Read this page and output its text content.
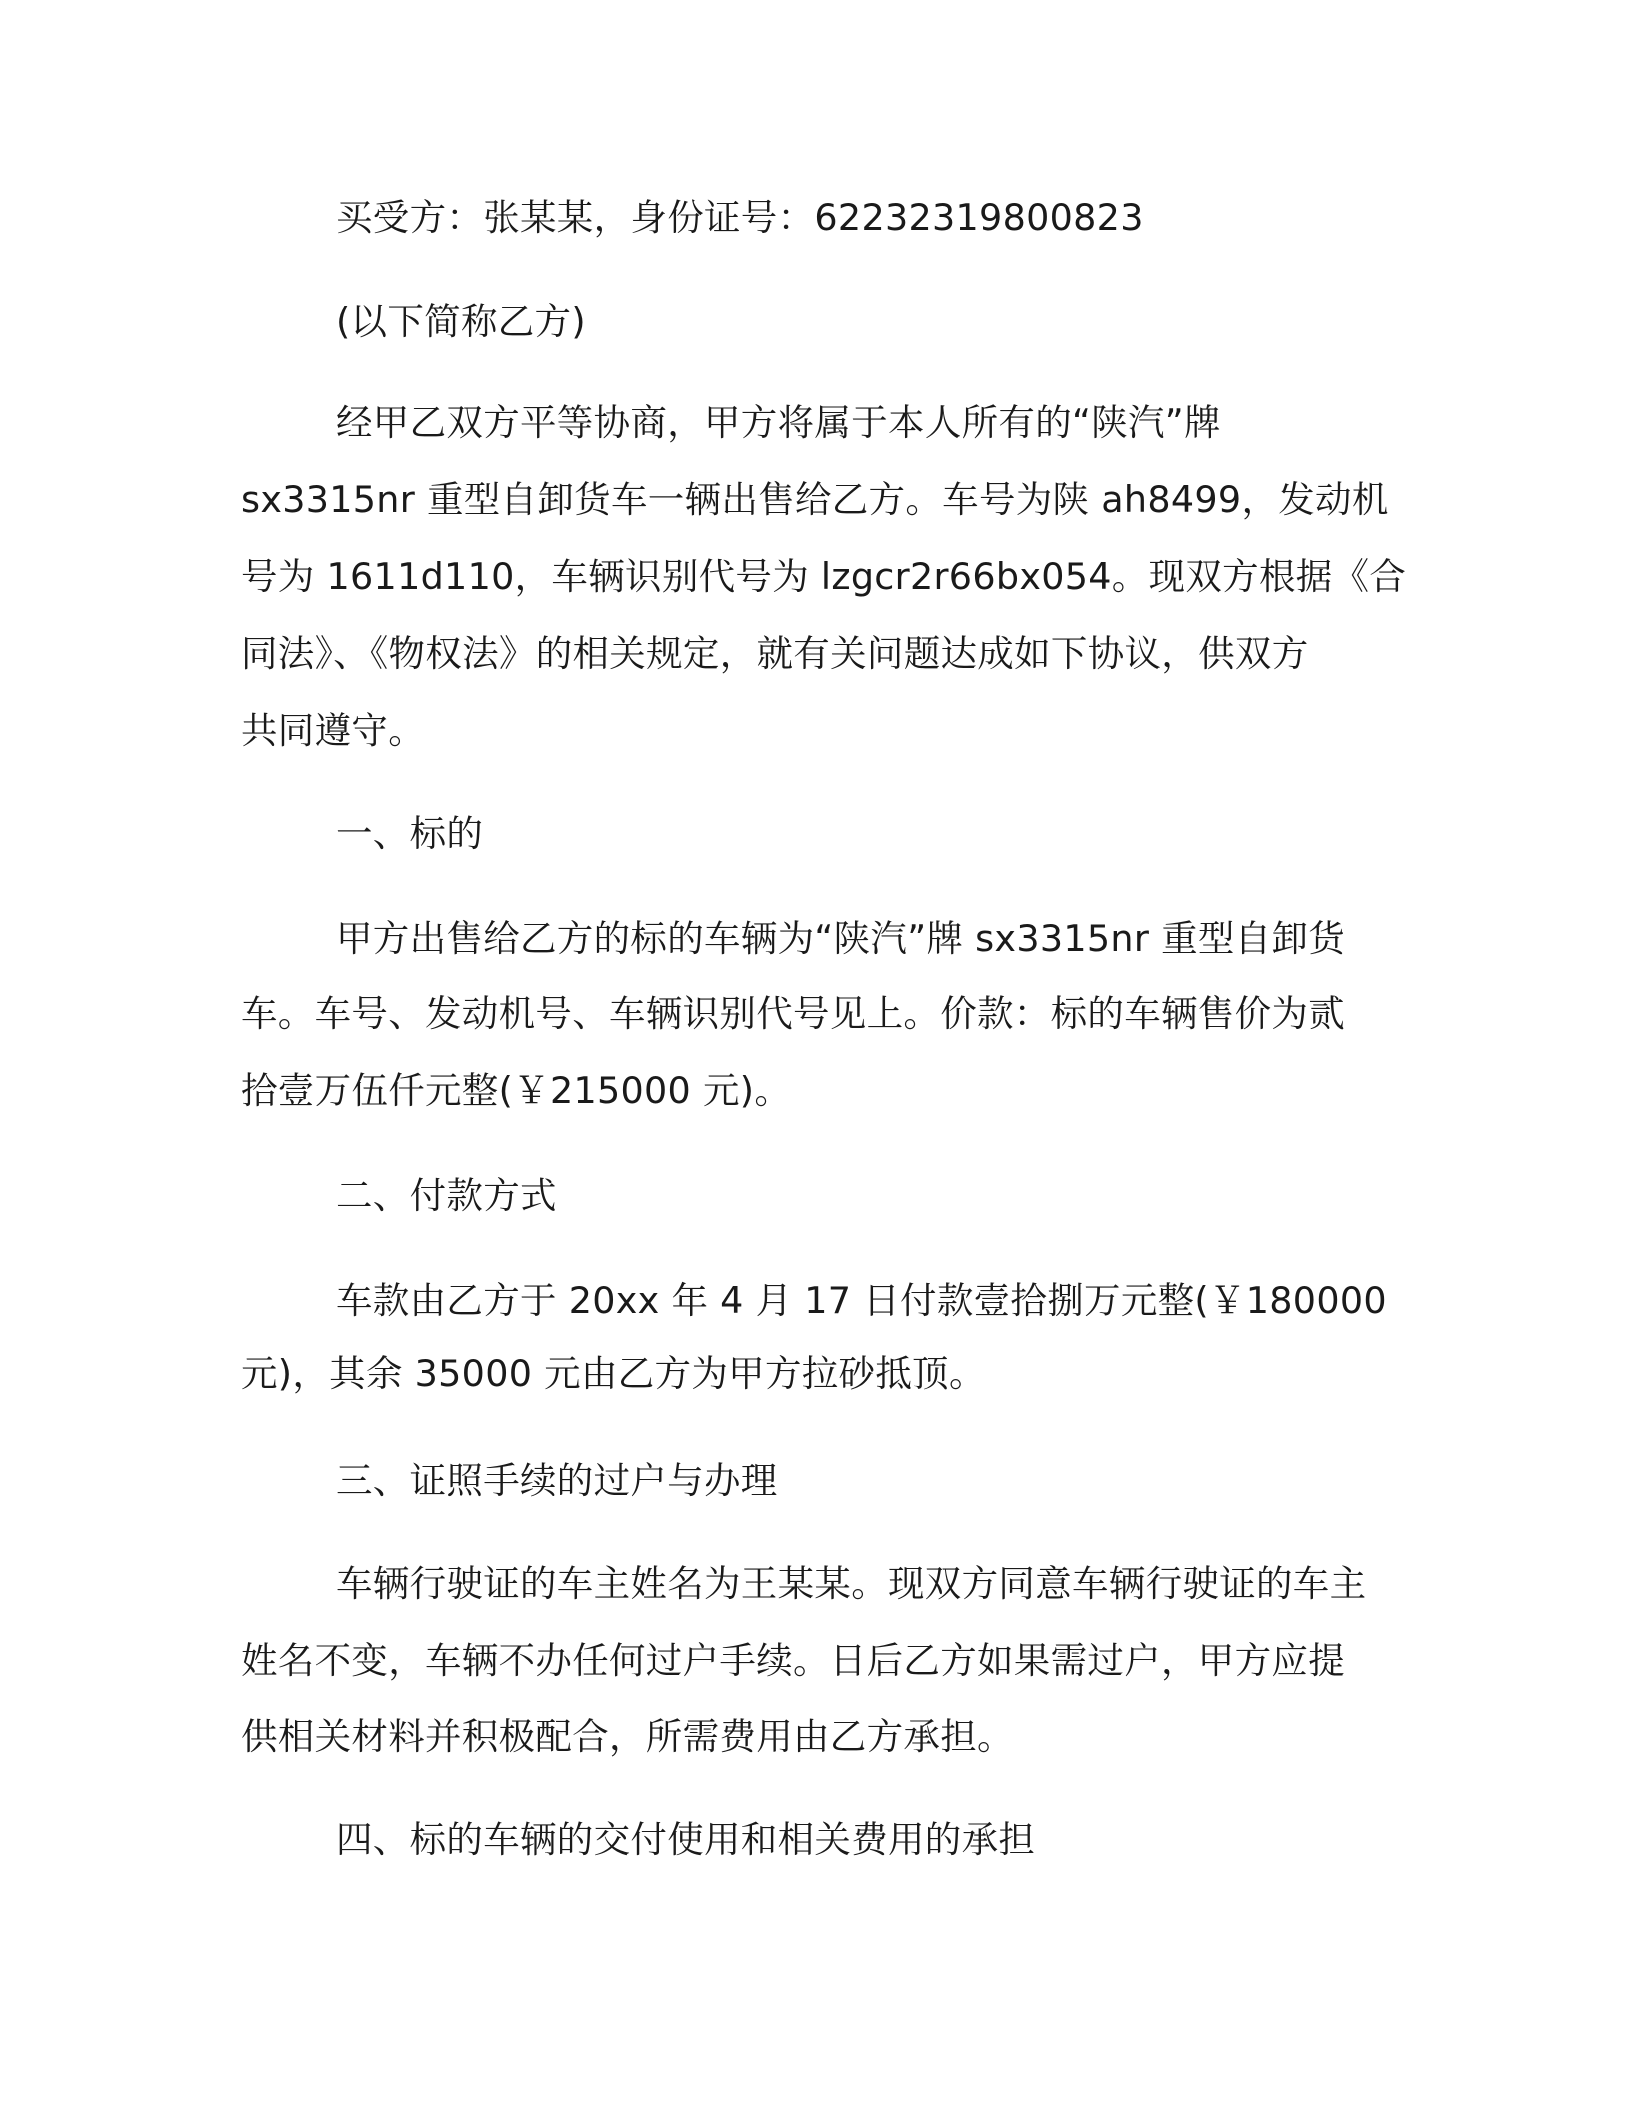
买受方：张某某，身份证号：62232319800823
(以下简称乙方)
经甲乙双方平等协商，甲方将属于本人所有的“陕汽”牌
sx3315nr 重型自卸货车一辆出售给乙方。车号为陕 ah8499，发动机
号为 1611d110，车辆识别代号为 lzgcr2r66bx054。现双方根据《合
同法》、《物权法》的相关规定，就有关问题达成如下协议，供双方
共同遵守。
一、标的
甲方出售给乙方的标的车辆为“陕汽”牌 sx3315nr 重型自卸货
车。车号、发动机号、车辆识别代号见上。价款：标的车辆售价为贰
拾壹万伍仟元整(￥215000 元)。
二、付款方式
车款由乙方于 20xx 年 4 月 17 日付款壹拾捌万元整(￥180000
元)，其余 35000 元由乙方为甲方拉砂抵顶。
三、证照手续的过户与办理
车辆行驶证的车主姓名为王某某。现双方同意车辆行驶证的车主
姓名不变，车辆不办任何过户手续。日后乙方如果需过户，甲方应提
供相关材料并积极配合，所需费用由乙方承担。
四、标的车辆的交付使用和相关费用的承担
